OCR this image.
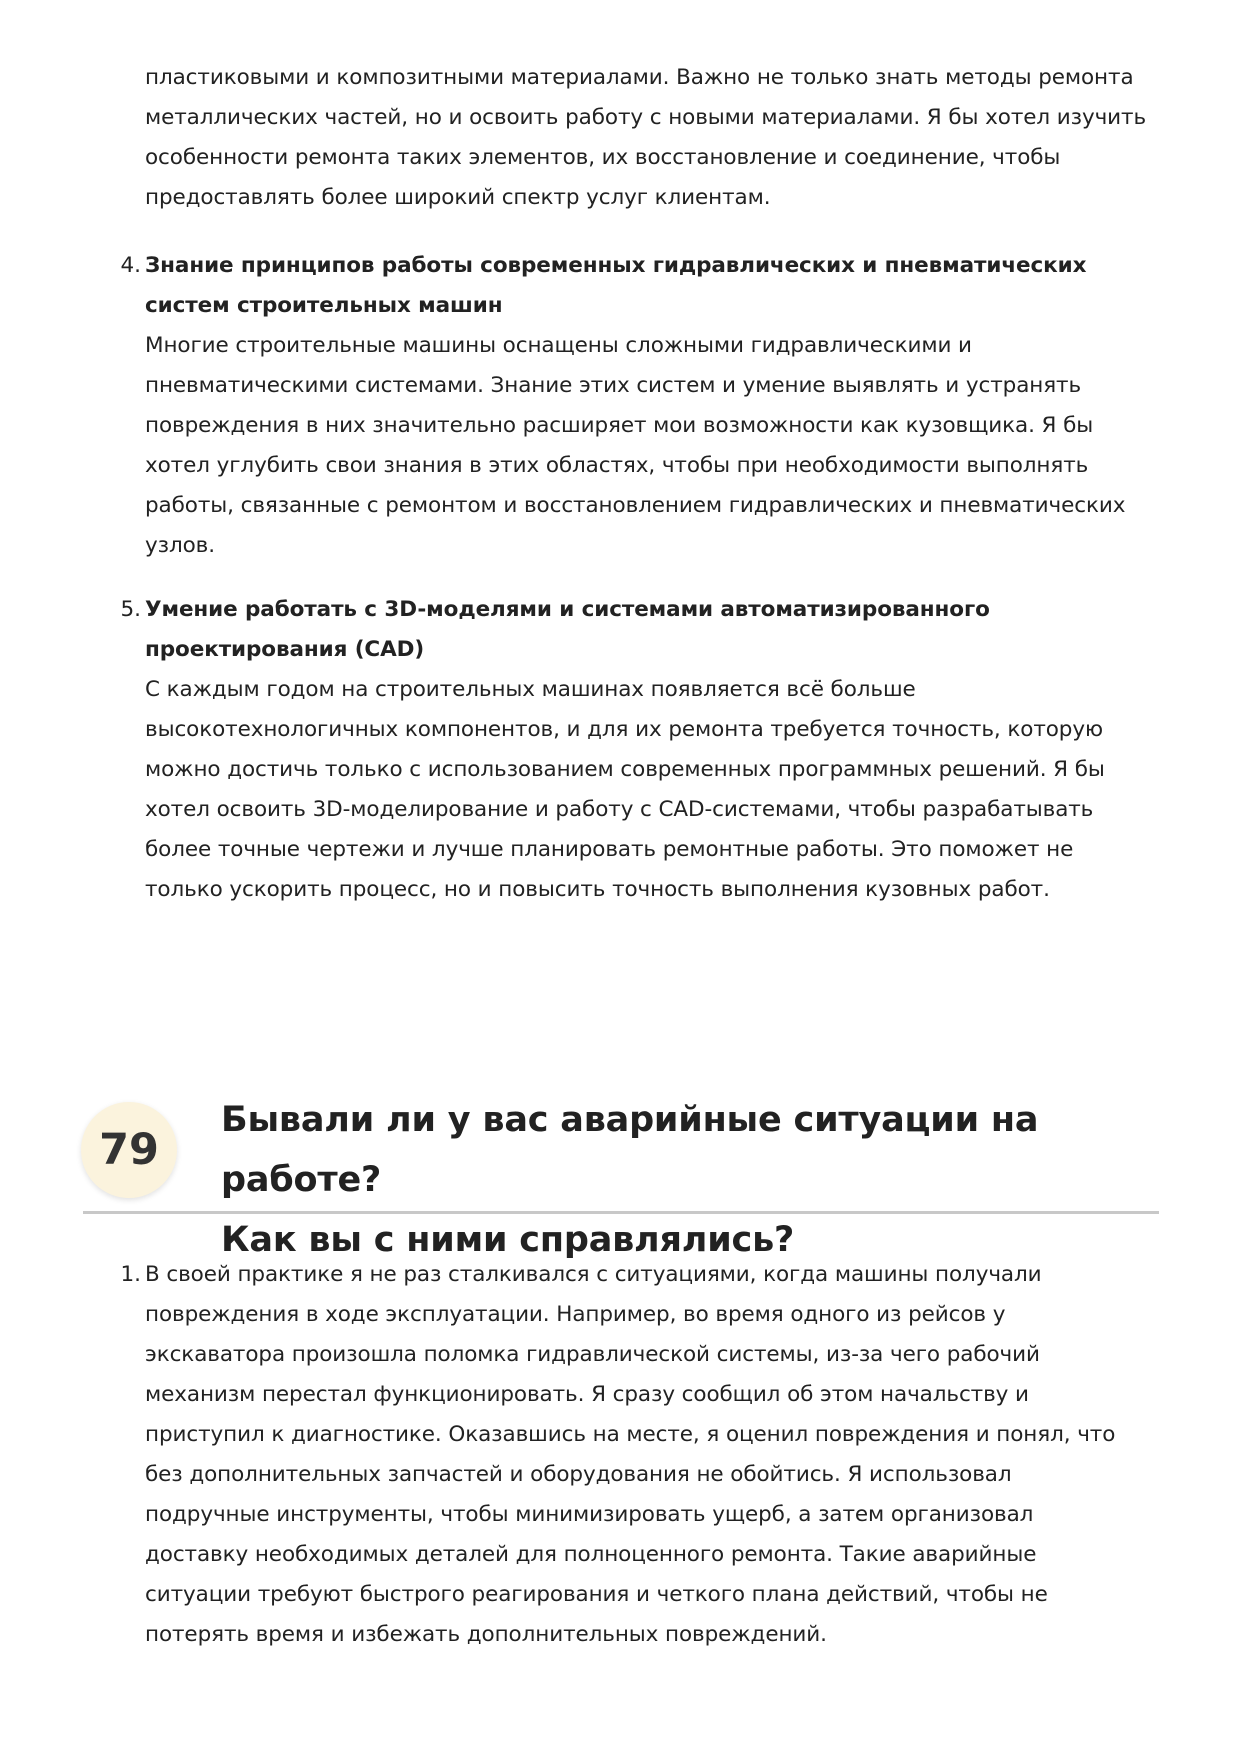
пластиковыми и композитными материалами. Важно не только знать методы ремонта

металлических частей, но и освоить работу с новыми материалами. Я бы хотел изучить

особенности ремонта таких элементов, их восстановление и соединение, чтобы

предоставлять более широкий спектр услуг клиентам.

4. Знание принципов работы современных гидравлических и пневматических

систем строительных машин

Многие строительные машины оснащены сложными гидравлическими и

пневматическими системами. Знание этих систем и умение выявлять и устранять

повреждения в них значительно расширяет мои возможности как кузовщика. Я бы

хотел углубить свои знания в этих областях, чтобы при необходимости выполнять

работы, связанные с ремонтом и восстановлением гидравлических и пневматических

узлов.

5. Умение работать с 3D-моделями и системами автоматизированного

проектирования (CAD)

С каждым годом на строительных машинах появляется всё больше

высокотехнологичных компонентов, и для их ремонта требуется точность, которую

можно достичь только с использованием современных программных решений. Я бы

хотел освоить 3D-моделирование и работу с CAD-системами, чтобы разрабатывать

более точные чертежи и лучше планировать ремонтные работы. Это поможет не

только ускорить процесс, но и повысить точность выполнения кузовных работ.

79
Бывали ли у вас аварийные ситуации на работе?
Как вы с ними справлялись?
1. В своей практике я не раз сталкивался с ситуациями, когда машины получали

повреждения в ходе эксплуатации. Например, во время одного из рейсов у

экскаватора произошла поломка гидравлической системы, из-за чего рабочий

механизм перестал функционировать. Я сразу сообщил об этом начальству и

приступил к диагностике. Оказавшись на месте, я оценил повреждения и понял, что

без дополнительных запчастей и оборудования не обойтись. Я использовал

подручные инструменты, чтобы минимизировать ущерб, а затем организовал

доставку необходимых деталей для полноценного ремонта. Такие аварийные

ситуации требуют быстрого реагирования и четкого плана действий, чтобы не

потерять время и избежать дополнительных повреждений.
